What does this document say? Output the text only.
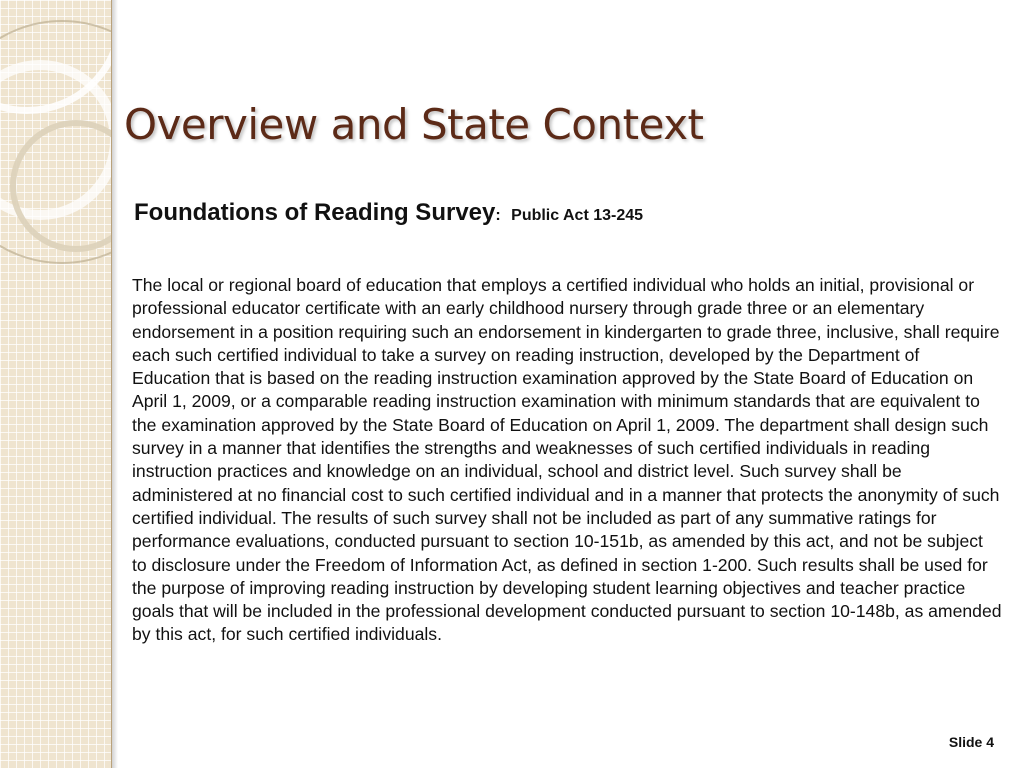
Overview and State Context
Foundations of Reading Survey: Public Act 13-245
The local or regional board of education that employs a certified individual who holds an initial, provisional or professional educator certificate with an early childhood nursery through grade three or an elementary endorsement in a position requiring such an endorsement in kindergarten to grade three, inclusive, shall require each such certified individual to take a survey on reading instruction, developed by the Department of Education that is based on the reading instruction examination approved by the State Board of Education on April 1, 2009, or a comparable reading instruction examination with minimum standards that are equivalent to the examination approved by the State Board of Education on April 1, 2009. The department shall design such survey in a manner that identifies the strengths and weaknesses of such certified individuals in reading instruction practices and knowledge on an individual, school and district level. Such survey shall be administered at no financial cost to such certified individual and in a manner that protects the anonymity of such certified individual. The results of such survey shall not be included as part of any summative ratings for performance evaluations, conducted pursuant to section 10-151b, as amended by this act, and not be subject to disclosure under the Freedom of Information Act, as defined in section 1-200. Such results shall be used for the purpose of improving reading instruction by developing student learning objectives and teacher practice goals that will be included in the professional development conducted pursuant to section 10-148b, as amended by this act, for such certified individuals.
Slide 4
